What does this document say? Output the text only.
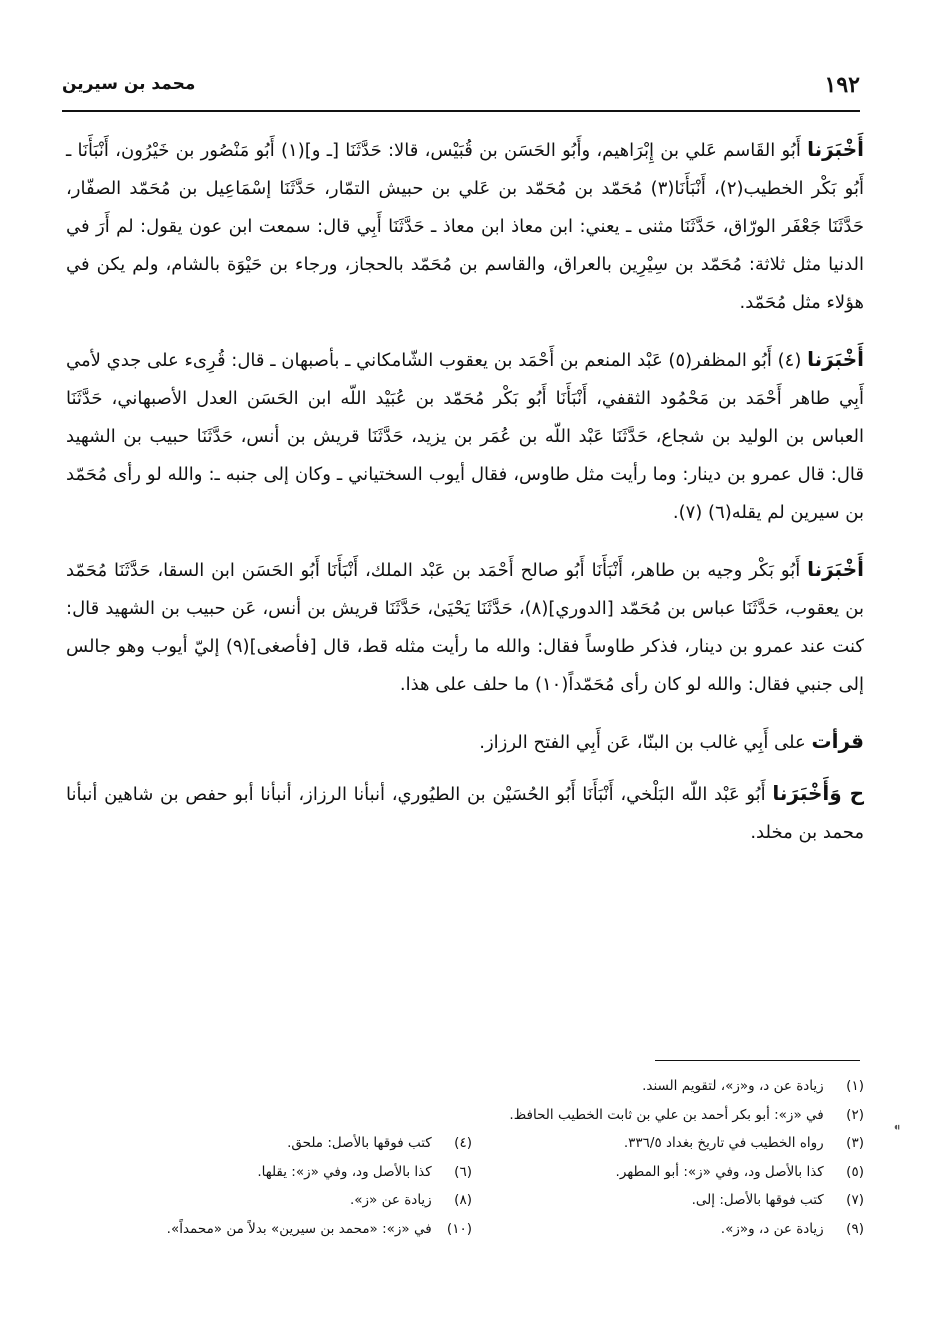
١٩٢
محمد بن سيرين

أَخْبَرَنا أَبُو القَاسم عَلي بن إِبْرَاهيم، وأَبُو الحَسَن بن قُبَيْس، قالا: حَدَّثَنَا [ـ و](١) أَبُو مَنْصُور بن خَيْرُون، أَنْبَأَنَا ـ أَبُو بَكْر الخطيب(٢)، أَنْبَأَنَا(٣) مُحَمّد بن مُحَمّد بن عَلي بن حبيش التمّار، حَدَّثَنَا إسْمَاعِيل بن مُحَمّد الصفّار، حَدَّثَنَا جَعْفَر الورّاق، حَدَّثَنَا مثنى ـ يعني: ابن معاذ ابن معاذ ـ حَدَّثَنَا أَبِي قال: سمعت ابن عون يقول: لم أَرَ في الدنيا مثل ثلاثة: مُحَمّد بن سِيْرِين بالعراق، والقاسم بن مُحَمّد بالحجاز، ورجاء بن حَيْوَة بالشام، ولم يكن في هؤلاء مثل مُحَمّد.

أَخْبَرَنا (٤) أَبُو المظفر(٥) عَبْد المنعم بن أَحْمَد بن يعقوب الشّامكاني ـ بأصبهان ـ قال: قُرِىء على جدي لأمي أَبِي طاهر أَحْمَد بن مَحْمُود الثقفي، أَنْبَأَنَا أَبُو بَكْر مُحَمّد بن عُبَيْد اللّه ابن الحَسَن العدل الأصبهاني، حَدَّثَنَا العباس بن الوليد بن شجاع، حَدَّثَنَا عَبْد اللّه بن عُمَر بن يزيد، حَدَّثَنَا قريش بن أنس، حَدَّثَنَا حبيب بن الشهيد قال: قال عمرو بن دينار: وما رأيت مثل طاوس، فقال أيوب السختياني ـ وكان إلى جنبه ـ: والله لو رأى مُحَمّد بن سيرين لم يقله(٦) (٧).

أَخْبَرَنا أَبُو بَكْر وجيه بن طاهر، أَنْبَأَنَا أَبُو صالح أَحْمَد بن عَبْد الملك، أَنْبَأَنَا أَبُو الحَسَن ابن السقا، حَدَّثَنَا مُحَمّد بن يعقوب، حَدَّثَنَا عباس بن مُحَمّد [الدوري](٨)، حَدَّثَنَا يَحْيَىٰ، حَدَّثَنَا قريش بن أنس، عَن حبيب بن الشهيد قال: كنت عند عمرو بن دينار، فذكر طاوساً فقال: والله ما رأيت مثله قط، قال [فأصغى](٩) إليّ أيوب وهو جالس إلى جنبي فقال: والله لو كان رأى مُحَمّداً(١٠) ما حلف على هذا.

قرأت على أَبِي غالب بن البنّا، عَن أَبِي الفتح الرزاز.

ح وَأَخْبَرَنا أَبُو عَبْد اللّه البَلْخي، أَنْبَأَنَا أَبُو الحُسَيْن بن الطيُوري، أنبأنا الرزاز، أنبأنا أبو حفص بن شاهين أنبأنا محمد بن مخلد.

(١) زيادة عن د، و«ز»، لتقويم السند.
(٢) في «ز»: أبو بكر أحمد بن علي بن ثابت الخطيب الحافظ.
(٣) رواه الخطيب في تاريخ بغداد ٣٣٦/٥.
(٤) كتب فوقها بالأصل: ملحق.
(٥) كذا بالأصل ود، وفي «ز»: أبو المطهر.
(٦) كذا بالأصل ود، وفي «ز»: يقلها.
(٧) كتب فوقها بالأصل: إلى.
(٨) زيادة عن «ز».
(٩) زيادة عن د، و«ز».
(١٠) في «ز»: «محمد بن سيرين» بدلاً من «محمداً».
⁌
